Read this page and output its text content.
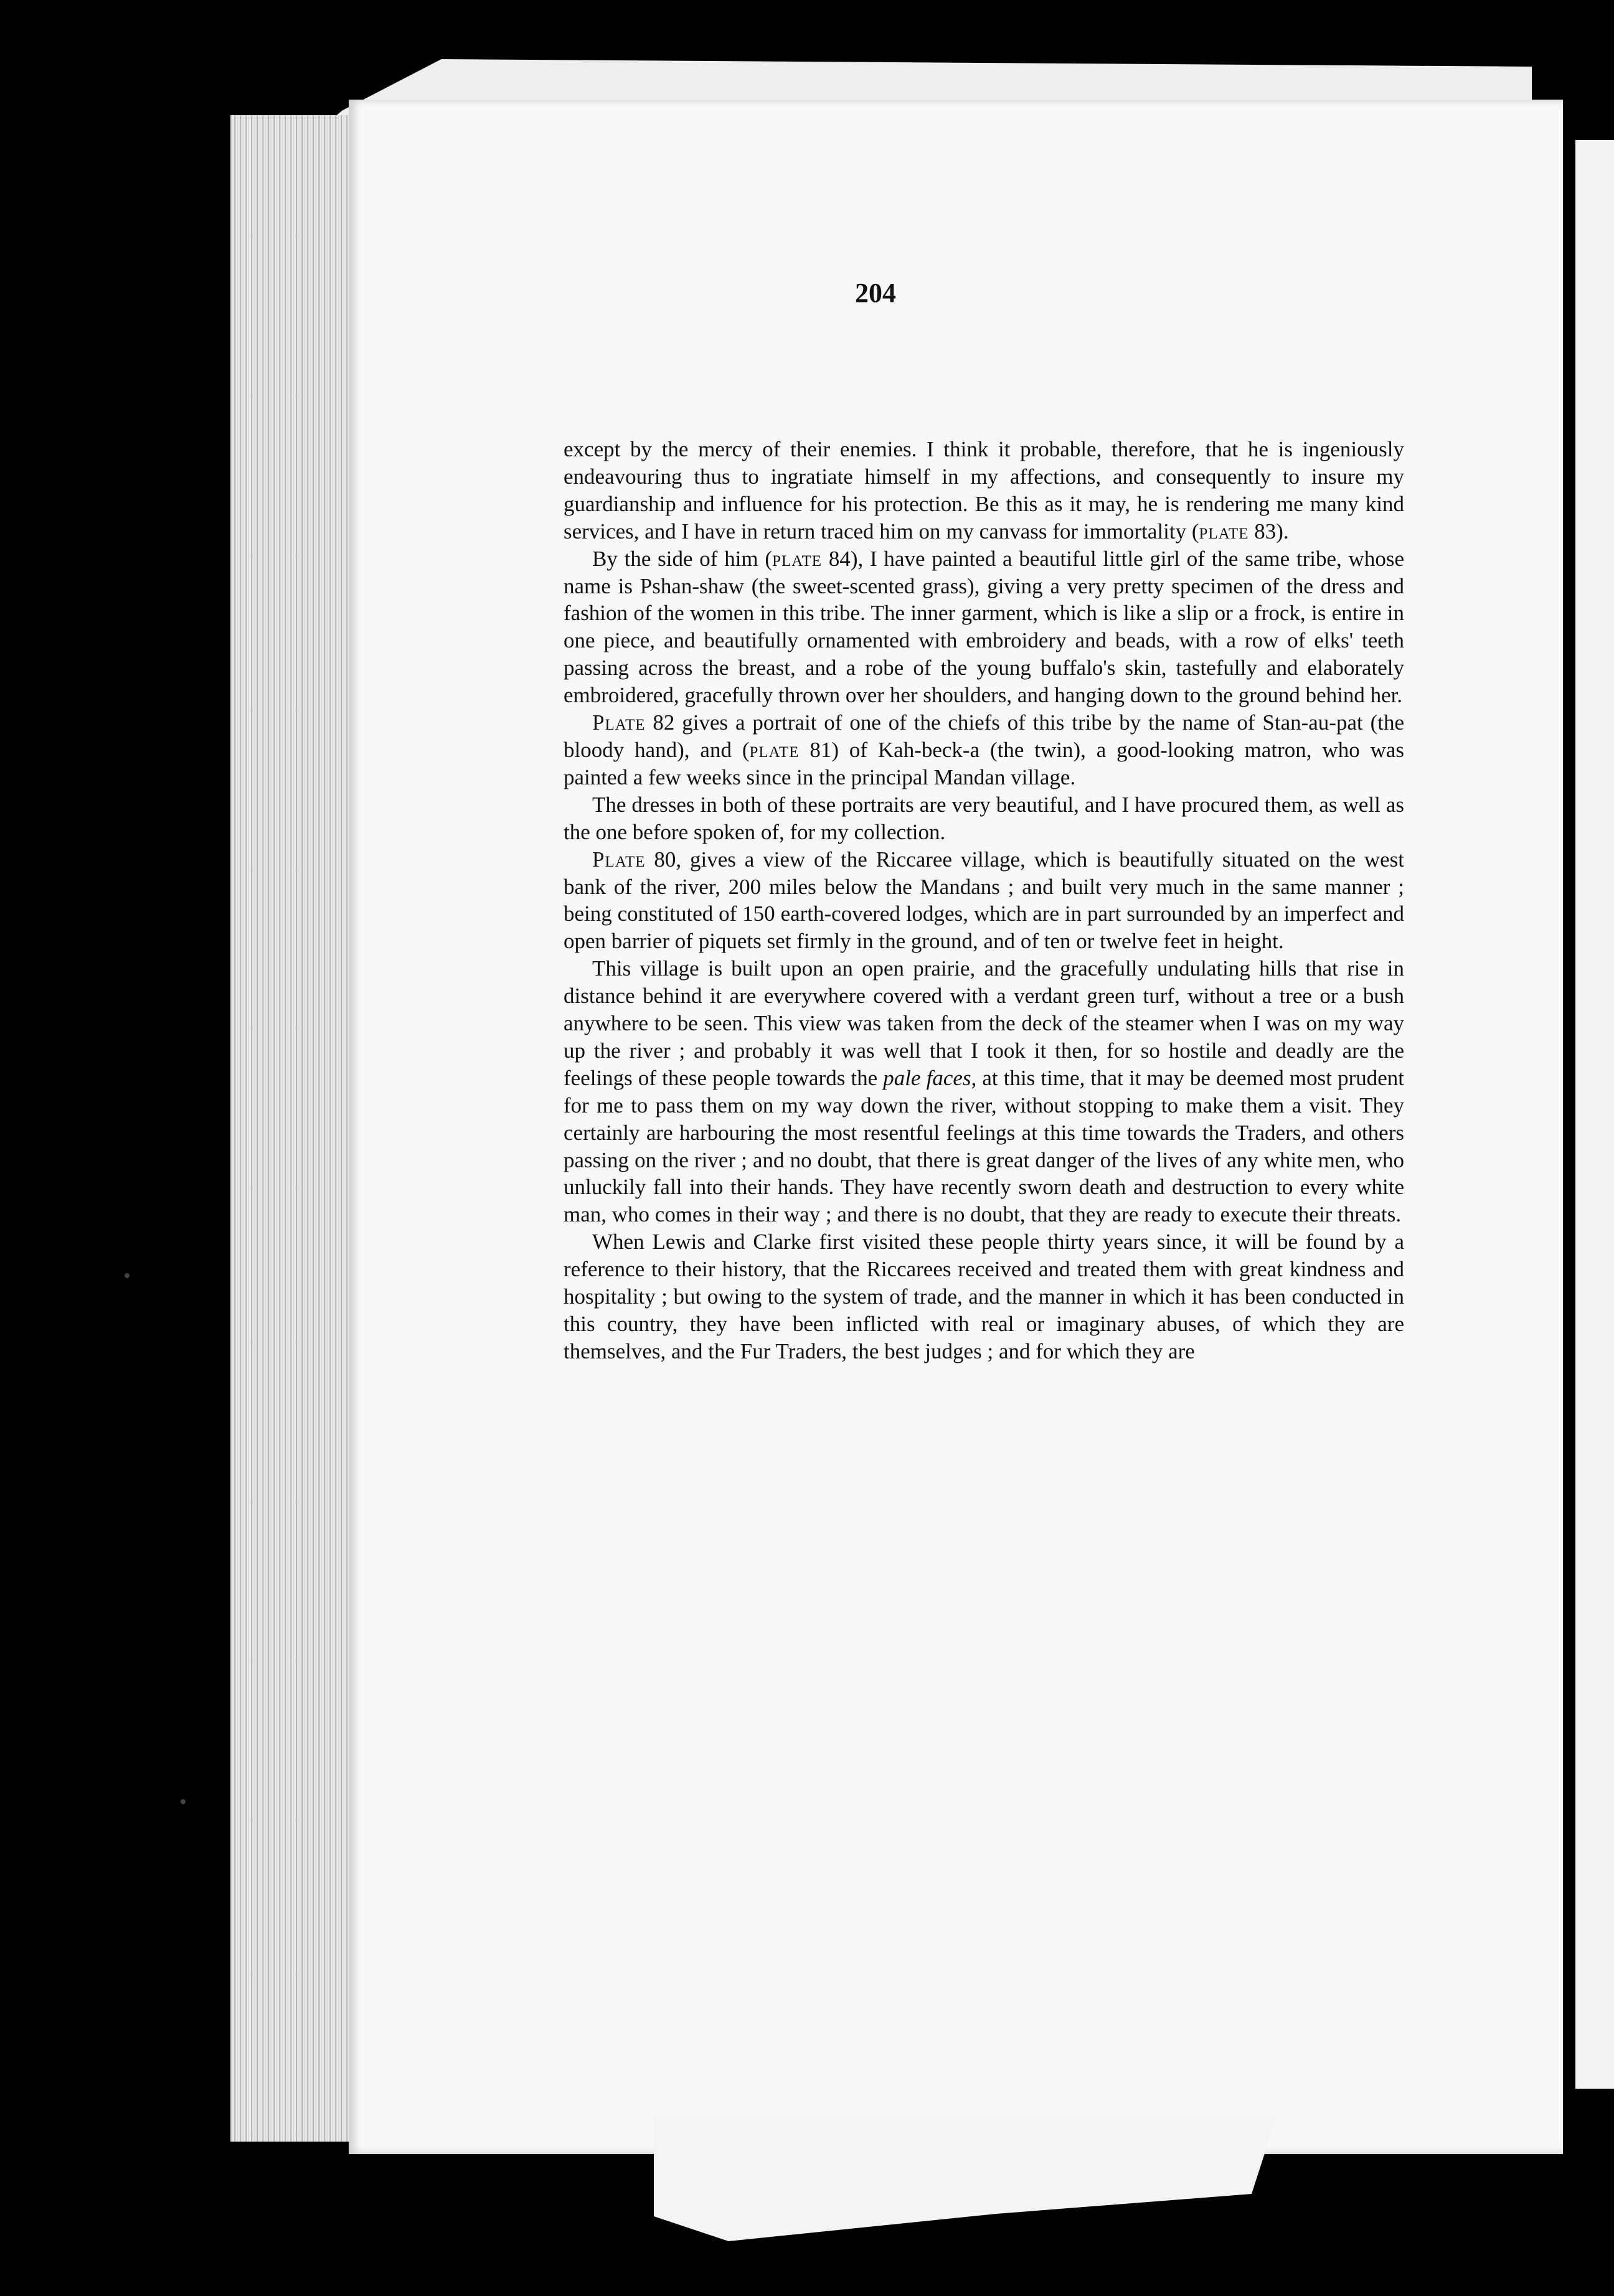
204

except by the mercy of their enemies. I think it probable, therefore, that he is ingeniously endeavouring thus to ingratiate himself in my affections, and consequently to insure my guardianship and influence for his protection. Be this as it may, he is rendering me many kind services, and I have in return traced him on my canvass for immortality (plate 83).

By the side of him (plate 84), I have painted a beautiful little girl of the same tribe, whose name is Pshan-shaw (the sweet-scented grass), giving a very pretty specimen of the dress and fashion of the women in this tribe. The inner garment, which is like a slip or a frock, is entire in one piece, and beautifully ornamented with embroidery and beads, with a row of elks' teeth passing across the breast, and a robe of the young buffalo's skin, tastefully and elaborately embroidered, gracefully thrown over her shoulders, and hanging down to the ground behind her.

Plate 82 gives a portrait of one of the chiefs of this tribe by the name of Stan-au-pat (the bloody hand), and (plate 81) of Kah-beck-a (the twin), a good-looking matron, who was painted a few weeks since in the principal Mandan village.

The dresses in both of these portraits are very beautiful, and I have procured them, as well as the one before spoken of, for my collection.

Plate 80, gives a view of the Riccaree village, which is beautifully situated on the west bank of the river, 200 miles below the Mandans ; and built very much in the same manner ; being constituted of 150 earth-covered lodges, which are in part surrounded by an imperfect and open barrier of piquets set firmly in the ground, and of ten or twelve feet in height.

This village is built upon an open prairie, and the gracefully undulating hills that rise in distance behind it are everywhere covered with a verdant green turf, without a tree or a bush anywhere to be seen. This view was taken from the deck of the steamer when I was on my way up the river ; and probably it was well that I took it then, for so hostile and deadly are the feelings of these people towards the pale faces, at this time, that it may be deemed most prudent for me to pass them on my way down the river, without stopping to make them a visit. They certainly are harbouring the most resentful feelings at this time towards the Traders, and others passing on the river ; and no doubt, that there is great danger of the lives of any white men, who unluckily fall into their hands. They have recently sworn death and destruction to every white man, who comes in their way ; and there is no doubt, that they are ready to execute their threats.

When Lewis and Clarke first visited these people thirty years since, it will be found by a reference to their history, that the Riccarees received and treated them with great kindness and hospitality ; but owing to the system of trade, and the manner in which it has been conducted in this country, they have been inflicted with real or imaginary abuses, of which they are themselves, and the Fur Traders, the best judges ; and for which they are
